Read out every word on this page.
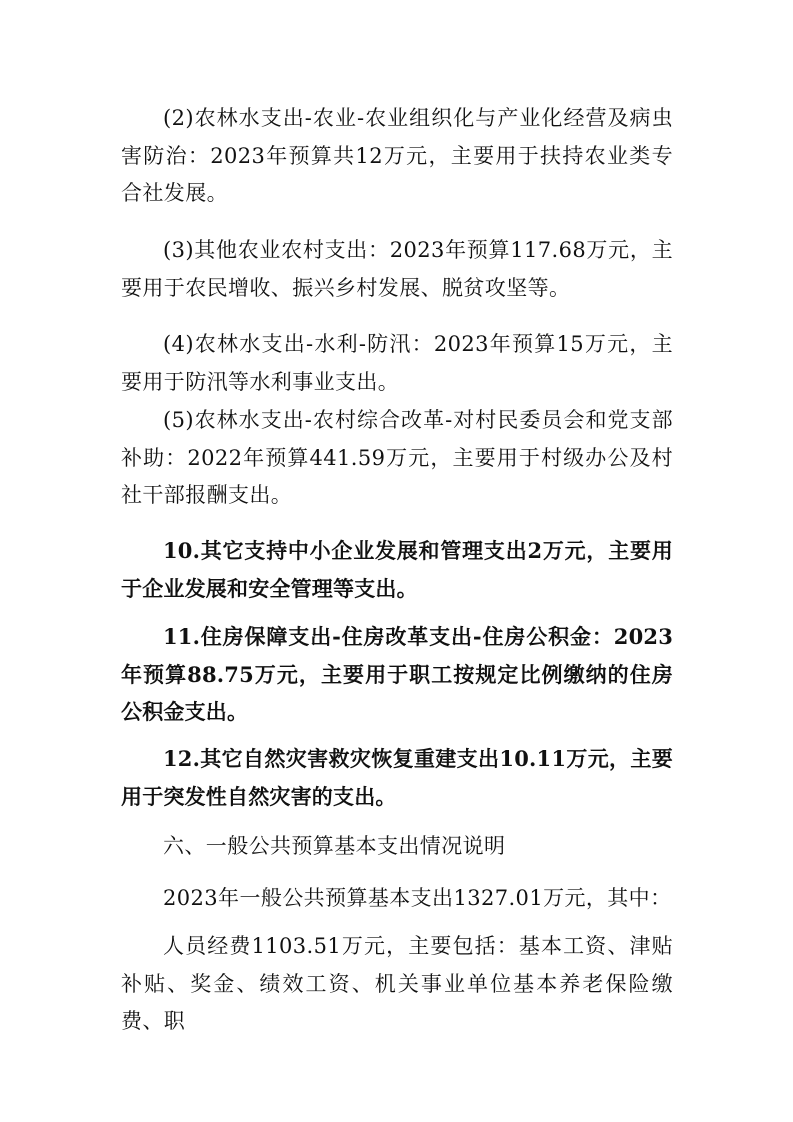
(2)农林水支出-农业-农业组织化与产业化经营及病虫害防治：2023年预算共12万元，主要用于扶持农业类专合社发展。

(3)其他农业农村支出：2023年预算117.68万元，主要用于农民增收、振兴乡村发展、脱贫攻坚等。

(4)农林水支出-水利-防汛：2023年预算15万元，主要用于防汛等水利事业支出。

(5)农林水支出-农村综合改革-对村民委员会和党支部补助：2022年预算441.59万元，主要用于村级办公及村社干部报酬支出。

10.其它支持中小企业发展和管理支出2万元，主要用于企业发展和安全管理等支出。

11.住房保障支出-住房改革支出-住房公积金：2023年预算88.75万元，主要用于职工按规定比例缴纳的住房公积金支出。

12.其它自然灾害救灾恢复重建支出10.11万元，主要用于突发性自然灾害的支出。

六、一般公共预算基本支出情况说明

2023年一般公共预算基本支出1327.01万元，其中：

人员经费1103.51万元，主要包括：基本工资、津贴补贴、奖金、绩效工资、机关事业单位基本养老保险缴费、职
